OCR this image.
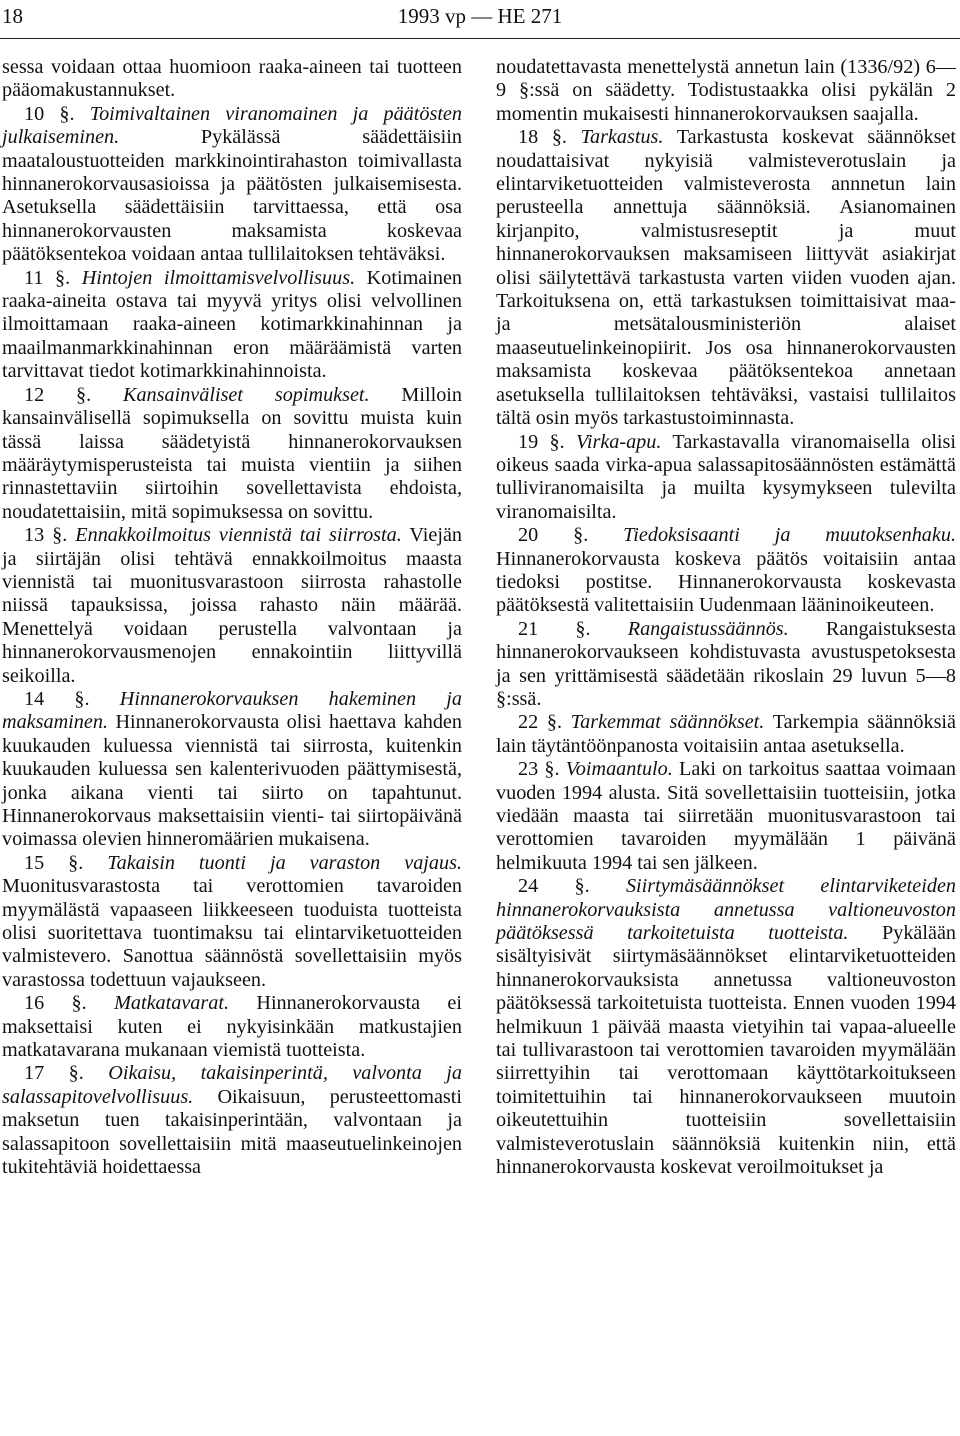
18	1993 vp — HE 271

sessa voidaan ottaa huomioon raaka-aineen tai tuotteen pääomakustannukset.

10 §. Toimivaltainen viranomainen ja päätösten julkaiseminen. Pykälässä säädettäisiin maataloustuotteiden markkinointirahaston toimivallasta hinnanerokorvausasioissa ja päätösten julkaisemisesta. Asetuksella säädettäisiin tarvittaessa, että osa hinnanerokorvausten maksamista koskevaa päätöksentekoa voidaan antaa tullilaitoksen tehtäväksi.

11 §. Hintojen ilmoittamisvelvollisuus. Kotimainen raaka-aineita ostava tai myyvä yritys olisi velvollinen ilmoittamaan raaka-aineen kotimarkkinahinnan ja maailmanmarkkinahinnan eron määräämistä varten tarvittavat tiedot kotimarkkinahinnoista.

12 §. Kansainväliset sopimukset. Milloin kansainvälisellä sopimuksella on sovittu muista kuin tässä laissa säädetyistä hinnanerokorvauksen määräytymisperusteista tai muista vientiin ja siihen rinnastettaviin siirtoihin sovellettavista ehdoista, noudatettaisiin, mitä sopimuksessa on sovittu.

13 §. Ennakkoilmoitus viennistä tai siirrosta. Viejän ja siirtäjän olisi tehtävä ennakkoilmoitus maasta viennistä tai muonitusvarastoon siirrosta rahastolle niissä tapauksissa, joissa rahasto näin määrää. Menettelyä voidaan perustella valvontaan ja hinnanerokorvausmenojen ennakointiin liittyvillä seikoilla.

14 §. Hinnanerokorvauksen hakeminen ja maksaminen. Hinnanerokorvausta olisi haettava kahden kuukauden kuluessa viennistä tai siirrosta, kuitenkin kuukauden kuluessa sen kalenterivuoden päättymisestä, jonka aikana vienti tai siirto on tapahtunut. Hinnanerokorvaus maksettaisiin vienti- tai siirtopäivänä voimassa olevien hinneromäärien mukaisena.

15 §. Takaisin tuonti ja varaston vajaus. Muonitusvarastosta tai verottomien tavaroiden myymälästä vapaaseen liikkeeseen tuoduista tuotteista olisi suoritettava tuontimaksu tai elintarviketuotteiden valmistevero. Sanottua säännöstä sovellettaisiin myös varastossa todettuun vajaukseen.

16 §. Matkatavarat. Hinnanerokorvausta ei maksettaisi kuten ei nykyisinkään matkustajien matkatavarana mukanaan viemistä tuotteista.

17 §. Oikaisu, takaisinperintä, valvonta ja salassapitovelvollisuus. Oikaisuun, perusteettomasti maksetun tuen takaisinperintään, valvontaan ja salassapitoon sovellettaisiin mitä maaseutuelinkeinojen tukitehtäviä hoidettaessa

noudatettavasta menettelystä annetun lain (1336/92) 6—9 §:ssä on säädetty. Todistustaakka olisi pykälän 2 momentin mukaisesti hinnanerokorvauksen saajalla.

18 §. Tarkastus. Tarkastusta koskevat säännökset noudattaisivat nykyisiä valmisteverotuslain ja elintarviketuotteiden valmisteverosta annnetun lain perusteella annettuja säännöksiä. Asianomainen kirjanpito, valmistusreseptit ja muut hinnanerokorvauksen maksamiseen liittyvät asiakirjat olisi säilytettävä tarkastusta varten viiden vuoden ajan. Tarkoituksena on, että tarkastuksen toimittaisivat maa- ja metsätalousministeriön alaiset maaseutuelinkeinopiirit. Jos osa hinnanerokorvausten maksamista koskevaa päätöksentekoa annetaan asetuksella tullilaitoksen tehtäväksi, vastaisi tullilaitos tältä osin myös tarkastustoiminnasta.

19 §. Virka-apu. Tarkastavalla viranomaisella olisi oikeus saada virka-apua salassapitosäännösten estämättä tulliviranomaisilta ja muilta kysymykseen tulevilta viranomaisilta.

20 §. Tiedoksisaanti ja muutoksenhaku. Hinnanerokorvausta koskeva päätös voitaisiin antaa tiedoksi postitse. Hinnanerokorvausta koskevasta päätöksestä valitettaisiin Uudenmaan lääninoikeuteen.

21 §. Rangaistussäännös. Rangaistuksesta hinnanerokorvaukseen kohdistuvasta avustuspetoksesta ja sen yrittämisestä säädetään rikoslain 29 luvun 5—8 §:ssä.

22 §. Tarkemmat säännökset. Tarkempia säännöksiä lain täytäntöönpanosta voitaisiin antaa asetuksella.

23 §. Voimaantulo. Laki on tarkoitus saattaa voimaan vuoden 1994 alusta. Sitä sovellettaisiin tuotteisiin, jotka viedään maasta tai siirretään muonitusvarastoon tai verottomien tavaroiden myymälään 1 päivänä helmikuuta 1994 tai sen jälkeen.

24 §. Siirtymäsäännökset elintarviketeiden hinnanerokorvauksista annetussa valtioneuvoston päätöksessä tarkoitetuista tuotteista. Pykälään sisältyisivät siirtymäsäännökset elintarviketuotteiden hinnanerokorvauksista annetussa valtioneuvoston päätöksessä tarkoitetuista tuotteista. Ennen vuoden 1994 helmikuun 1 päivää maasta vietyihin tai vapaa-alueelle tai tullivarastoon tai verottomien tavaroiden myymälään siirrettyihin tai verottomaan käyttötarkoitukseen toimitettuihin tai hinnanerokorvaukseen muutoin oikeutettuihin tuotteisiin sovellettaisiin valmisteverotuslain säännöksiä kuitenkin niin, että hinnanerokorvausta koskevat veroilmoitukset ja
